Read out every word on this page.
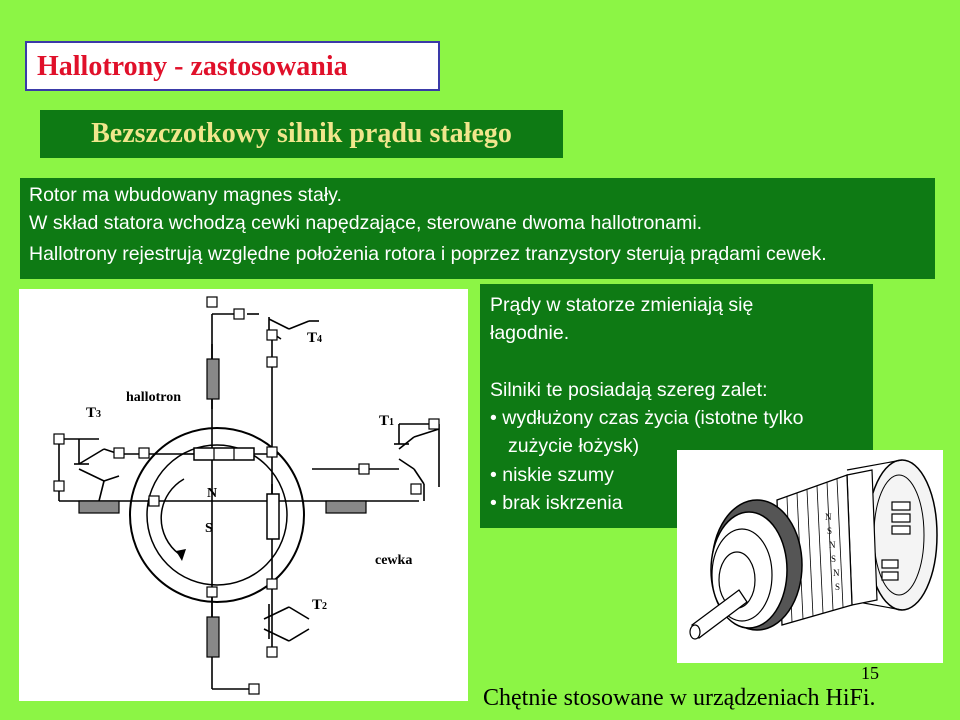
Hallotrony - zastosowania
Bezszczotkowy silnik prądu stałego
Rotor ma wbudowany magnes stały.
W skład statora wchodzą cewki napędzające, sterowane dwoma hallotronami.
Hallotrony rejestrują względne położenia rotora i poprzez tranzystory sterują prądami cewek.
hallotron
cewka
N
S
T4
T3	T1
T2
Prądy w statorze zmieniają się
łagodnie.
Silniki te posiadają szereg zalet:
• wydłużony czas życia (istotne tylko
zużycie łożysk)
• niskie szumy
• brak iskrzenia
N
S
N
S
N
S
15
Chętnie stosowane w urządzeniach HiFi.
